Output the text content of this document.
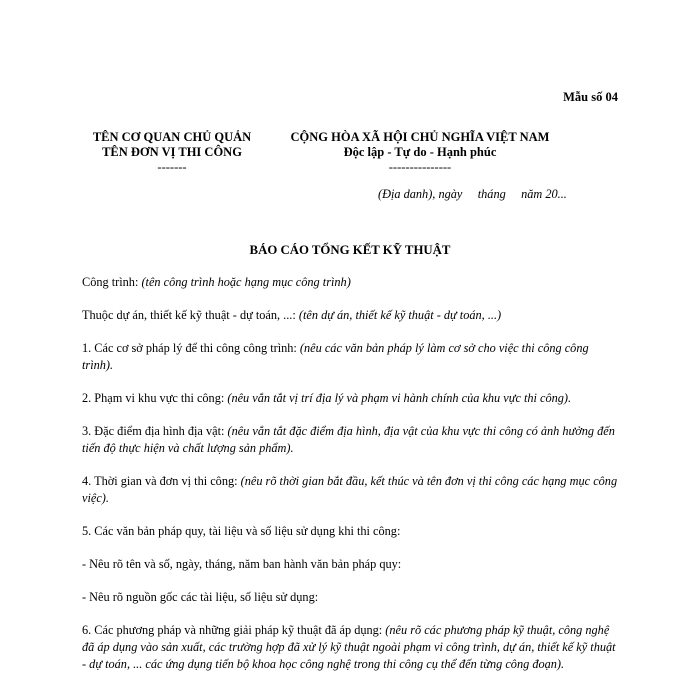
Mẫu số 04
TÊN CƠ QUAN CHỦ QUẢN
TÊN ĐƠN VỊ THI CÔNG
-------
CỘNG HÒA XÃ HỘI CHỦ NGHĨA VIỆT NAM
Độc lập - Tự do - Hạnh phúc
---------------
(Địa danh), ngày     tháng     năm 20...
BÁO CÁO TỔNG KẾT KỸ THUẬT

Công trình: (tên công trình hoặc hạng mục công trình)

Thuộc dự án, thiết kế kỹ thuật - dự toán, ...: (tên dự án, thiết kế kỹ thuật - dự toán, ...)

1. Các cơ sở pháp lý để thi công công trình: (nêu các văn bản pháp lý làm cơ sở cho việc thi công công trình).

2. Phạm vi khu vực thi công: (nêu vắn tắt vị trí địa lý và phạm vi hành chính của khu vực thi công).

3. Đặc điểm địa hình địa vật: (nêu vắn tắt đặc điểm địa hình, địa vật của khu vực thi công có ảnh hưởng đến tiến độ thực hiện và chất lượng sản phẩm).

4. Thời gian và đơn vị thi công: (nêu rõ thời gian bắt đầu, kết thúc và tên đơn vị thi công các hạng mục công việc).

5. Các văn bản pháp quy, tài liệu và số liệu sử dụng khi thi công:

- Nêu rõ tên và số, ngày, tháng, năm ban hành văn bản pháp quy:

- Nêu rõ nguồn gốc các tài liệu, số liệu sử dụng:

6. Các phương pháp và những giải pháp kỹ thuật đã áp dụng: (nêu rõ các phương pháp kỹ thuật, công nghệ đã áp dụng vào sản xuất, các trường hợp đã xử lý kỹ thuật ngoài phạm vi công trình, dự án, thiết kế kỹ thuật - dự toán, ... các ứng dụng tiến bộ khoa học công nghệ trong thi công cụ thể đến từng công đoạn).
